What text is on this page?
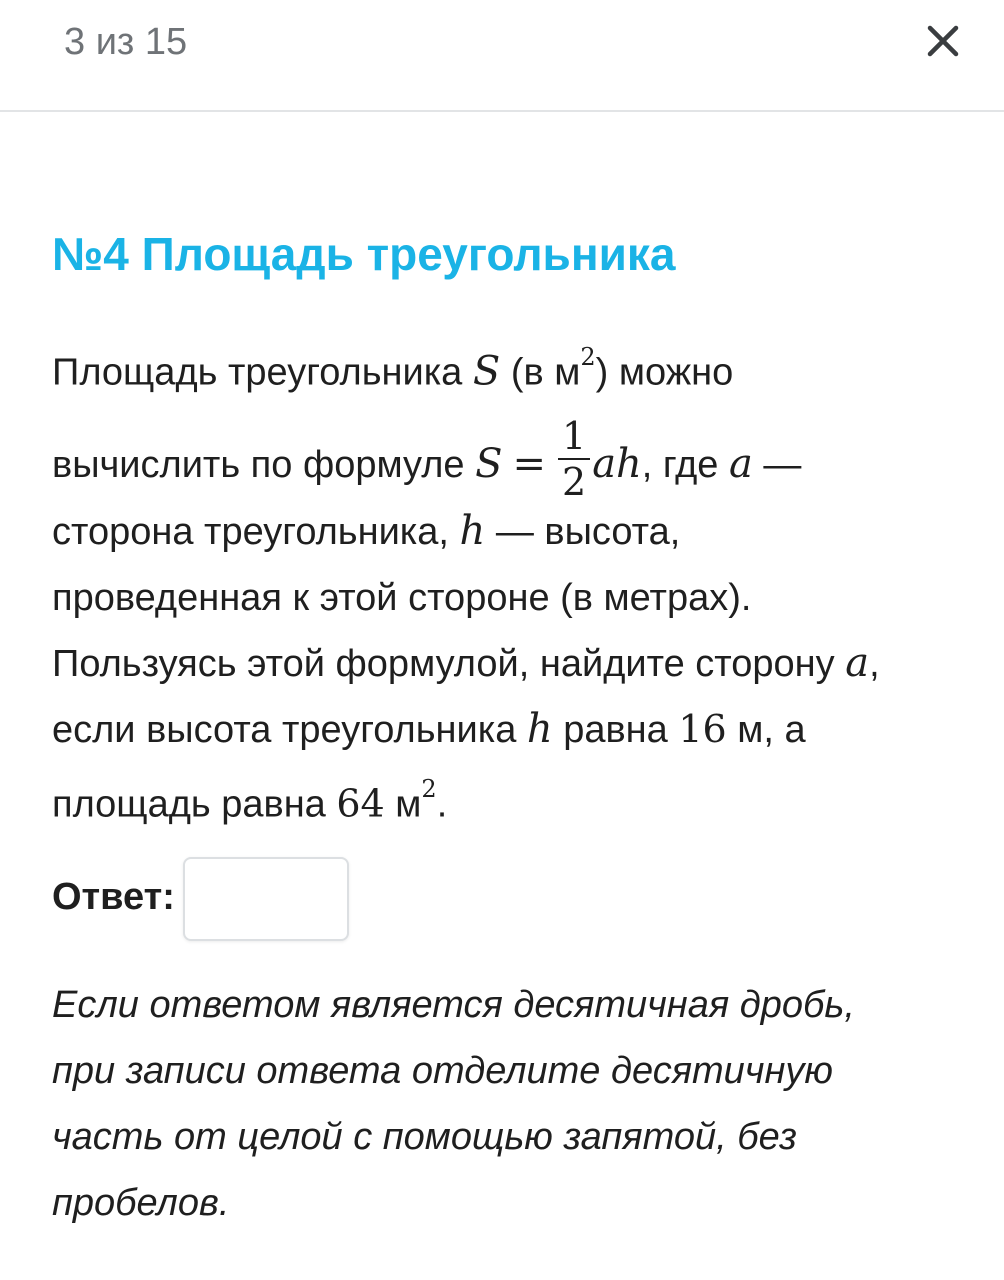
3 из 15
№4 Площадь треугольника
Площадь треугольника S (в $м^2$) можно
вычислить по формуле $S = \frac{1}{2}$ ah, где a —
сторона треугольника, h — высота,
проведенная к этой стороне (в метрах).
Пользуясь этой формулой, найдите сторону a,
если высота треугольника h равна 16 м, а
площадь равна 64 $м^2$.
Ответ:
Если ответом является десятичная дробь,
при записи ответа отделите десятичную
часть от целой с помощью запятой, без
пробелов.
